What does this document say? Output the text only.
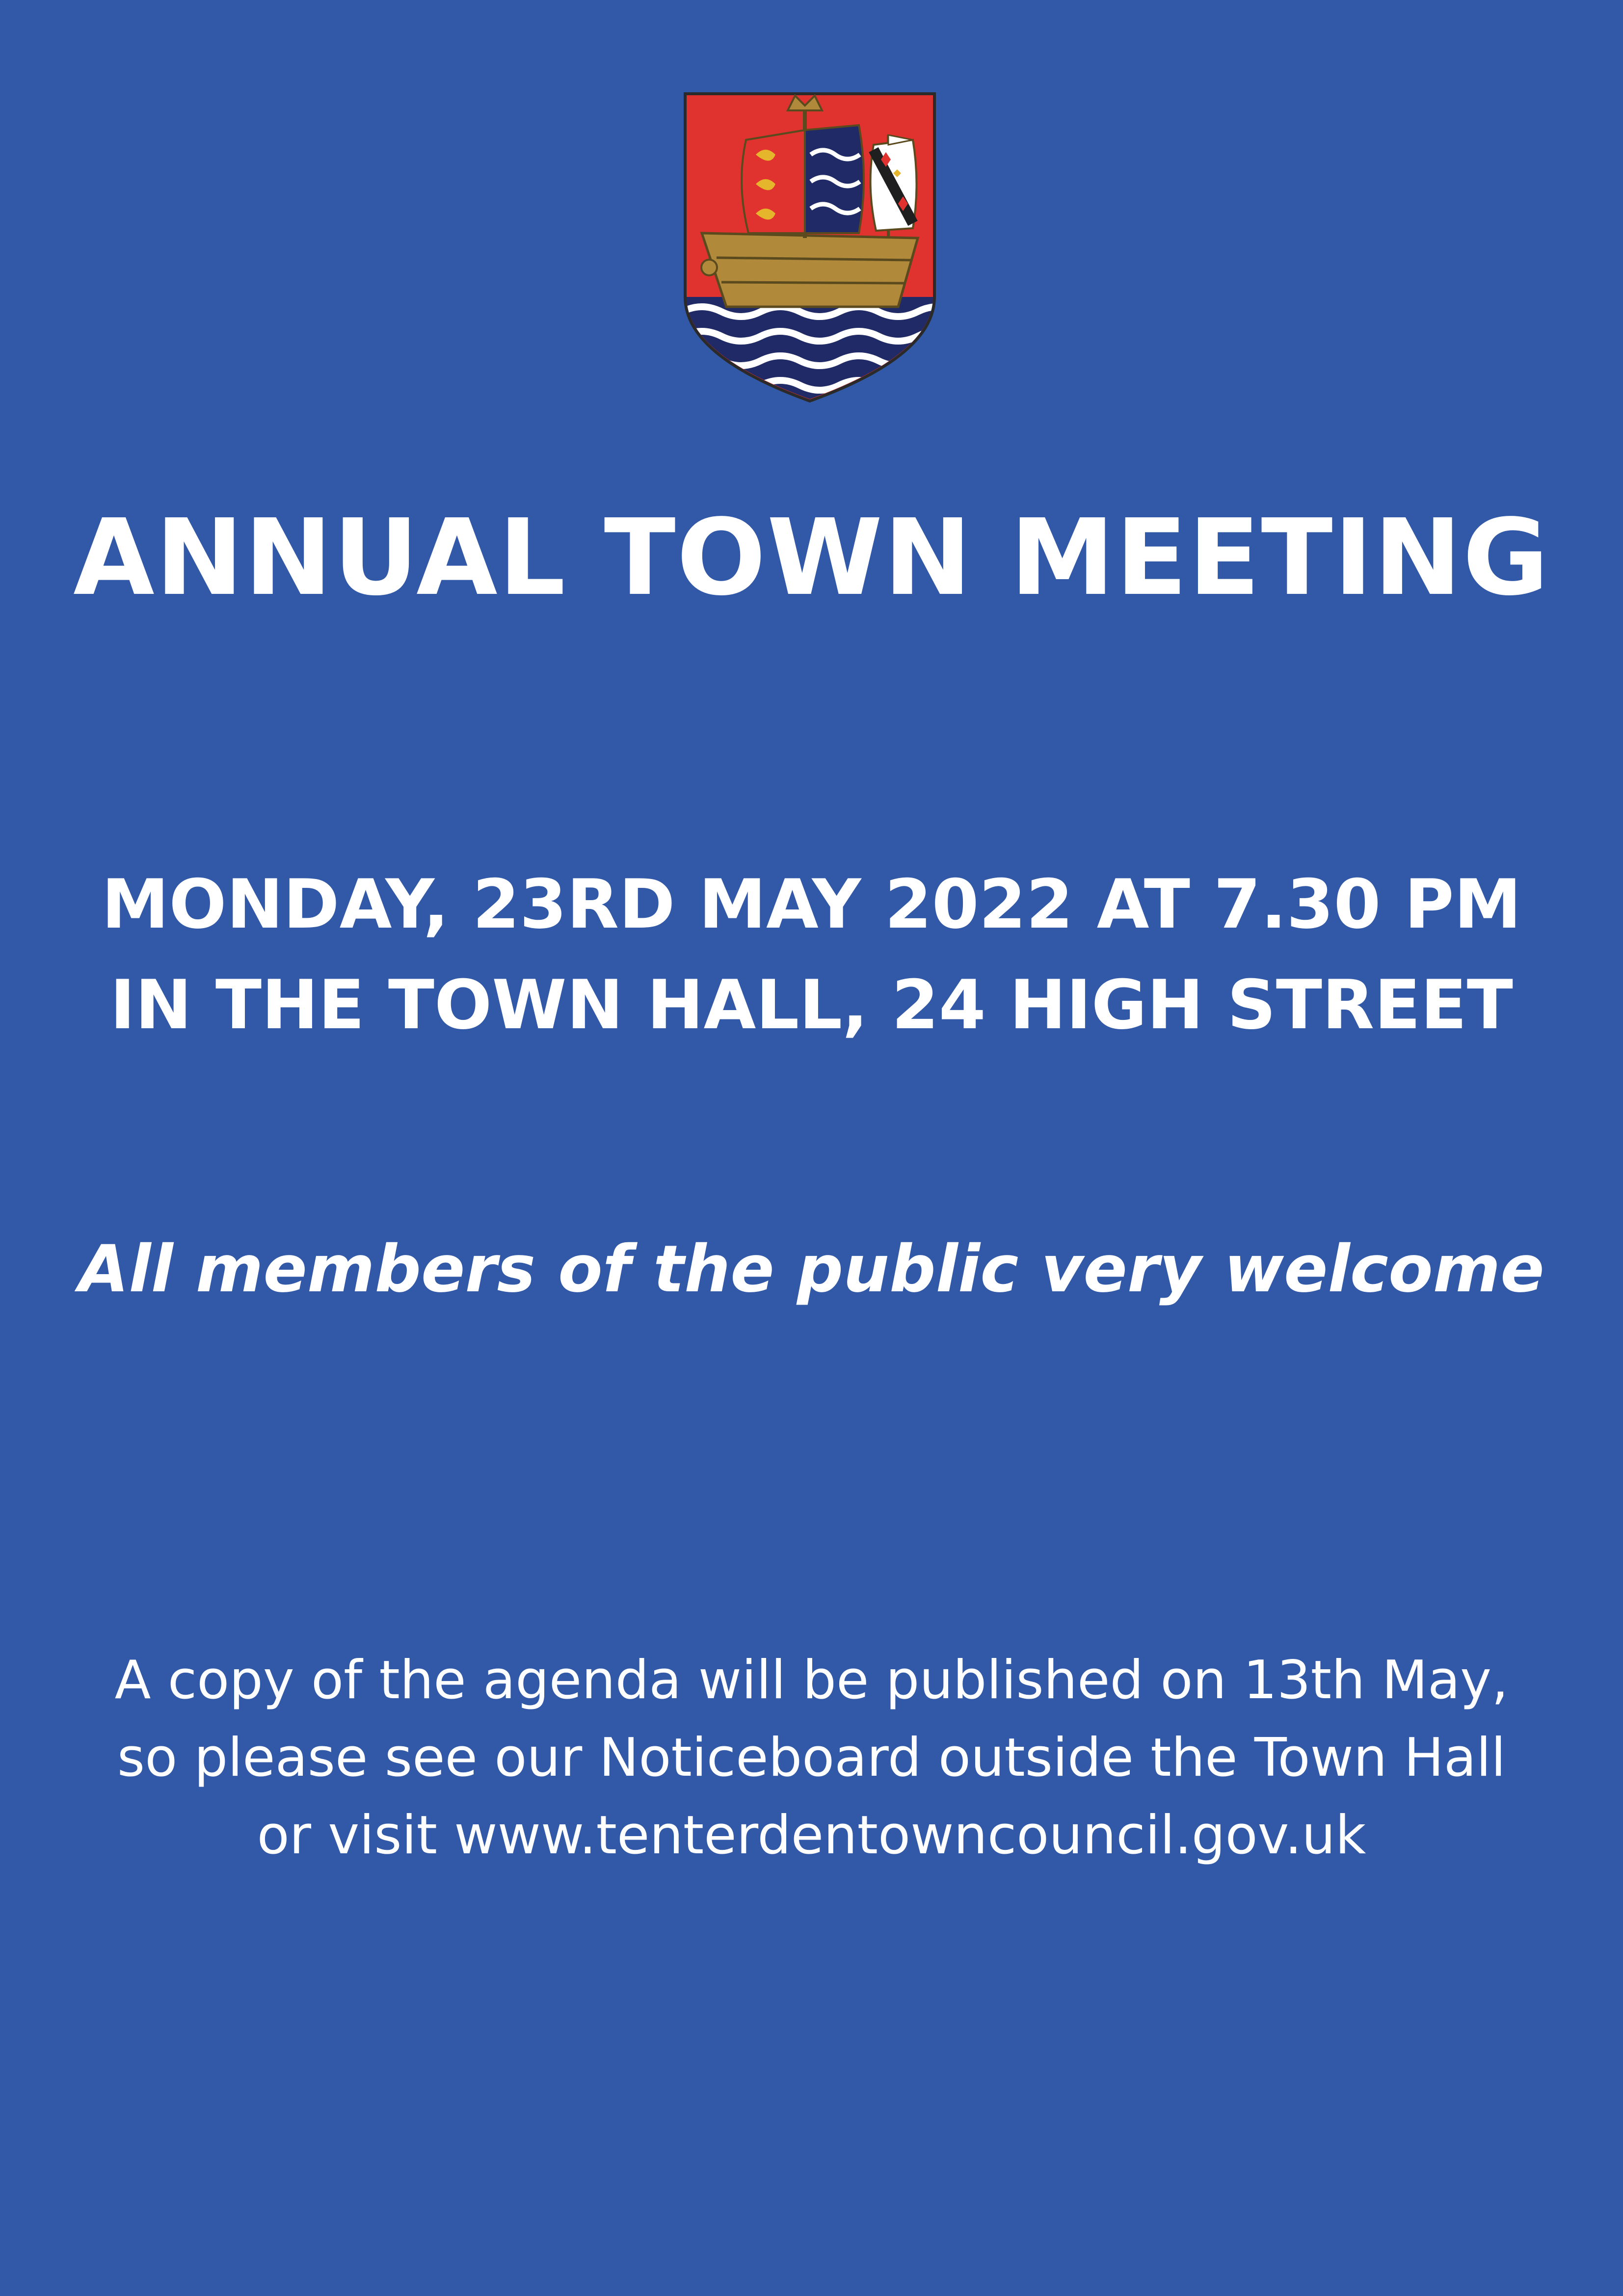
ANNUAL TOWN MEETING
MONDAY, 23RD MAY 2022 AT 7.30 PM
IN THE TOWN HALL, 24 HIGH STREET
All members of the public very welcome
A copy of the agenda will be published on 13th May,
so please see our Noticeboard outside the Town Hall
or visit www.tenterdentowncouncil.gov.uk
